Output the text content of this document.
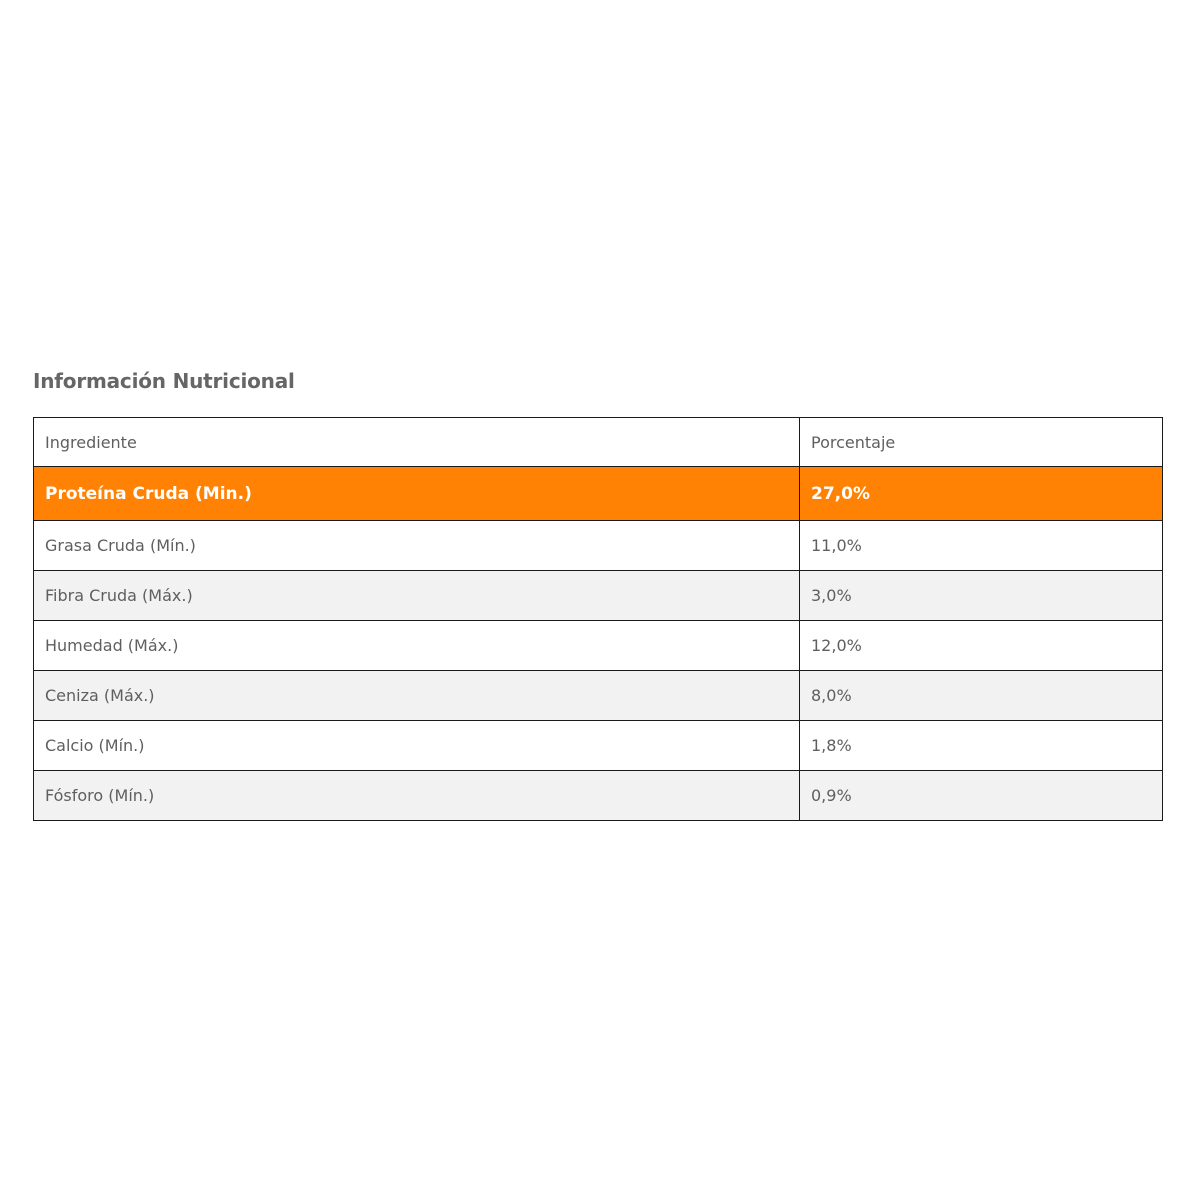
Información Nutricional
Ingrediente	Porcentaje
Proteína Cruda (Min.)	27,0%
Grasa Cruda (Mín.)	11,0%
Fibra Cruda (Máx.)	3,0%
Humedad (Máx.)	12,0%
Ceniza (Máx.)	8,0%
Calcio (Mín.)	1,8%
Fósforo (Mín.)	0,9%
